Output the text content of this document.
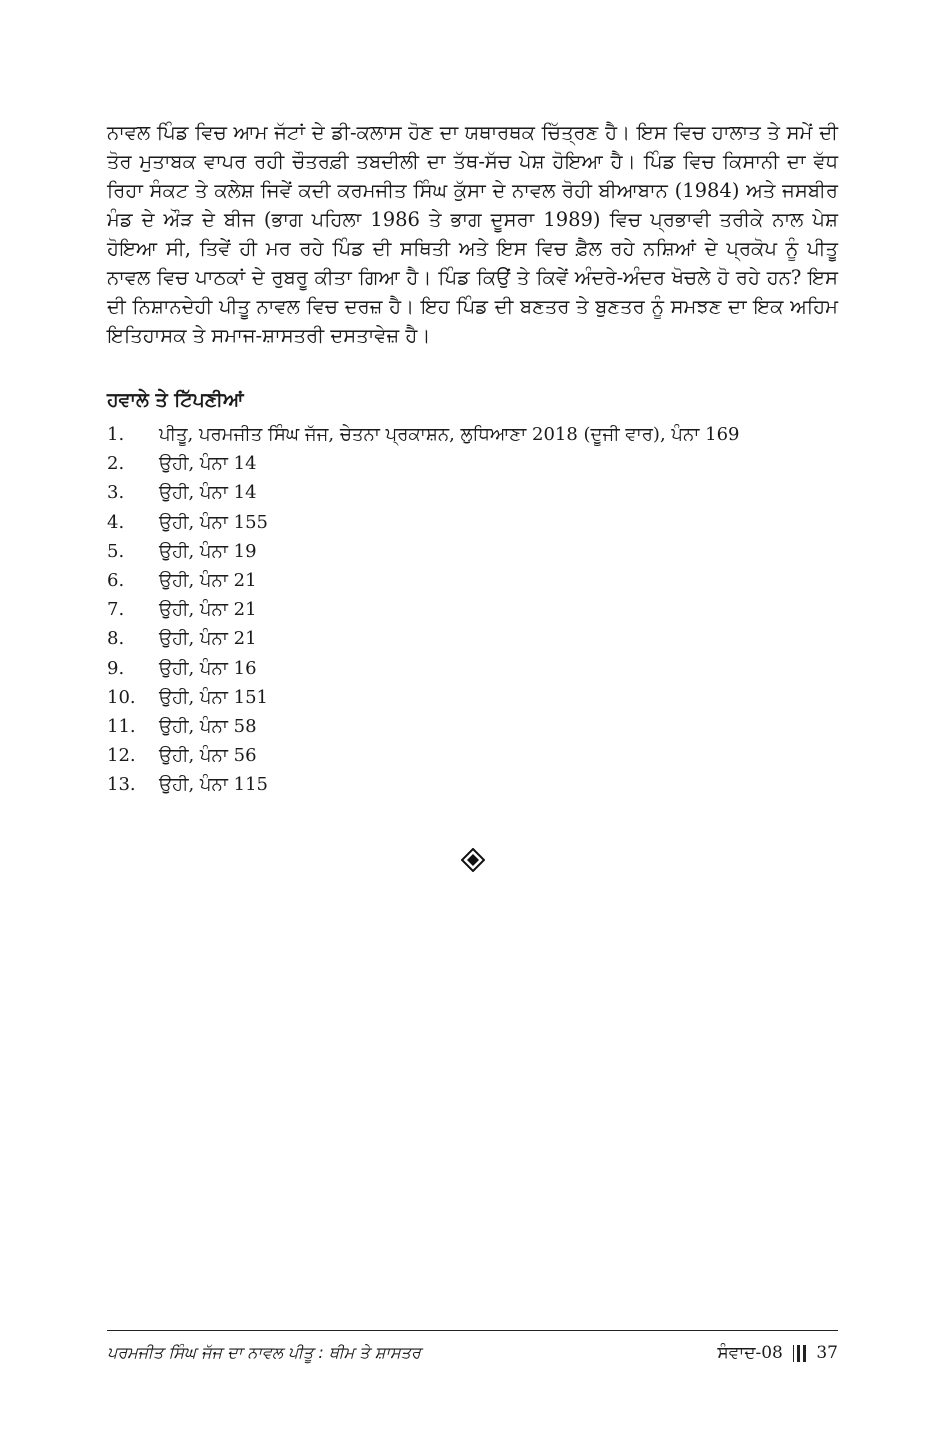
ਨਾਵਲ ਪਿੰਡ ਵਿਚ ਆਮ ਜੱਟਾਂ ਦੇ ਡੀ-ਕਲਾਸ ਹੋਣ ਦਾ ਯਥਾਰਥਕ ਚਿੱਤ੍ਰਣ ਹੈ। ਇਸ ਵਿਚ ਹਾਲਾਤ ਤੇ ਸਮੇਂ ਦੀ ਤੋਰ ਮੁਤਾਬਕ ਵਾਪਰ ਰਹੀ ਚੌਤਰਫ਼ੀ ਤਬਦੀਲੀ ਦਾ ਤੱਥ-ਸੱਚ ਪੇਸ਼ ਹੋਇਆ ਹੈ। ਪਿੰਡ ਵਿਚ ਕਿਸਾਨੀ ਦਾ ਵੱਧ ਰਿਹਾ ਸੰਕਟ ਤੇ ਕਲੇਸ਼ ਜਿਵੇਂ ਕਦੀ ਕਰਮਜੀਤ ਸਿੰਘ ਕੁੱਸਾ ਦੇ ਨਾਵਲ ਰੋਹੀ ਬੀਆਬਾਨ (1984) ਅਤੇ ਜਸਬੀਰ ਮੰਡ ਦੇ ਔੜ ਦੇ ਬੀਜ (ਭਾਗ ਪਹਿਲਾ 1986 ਤੇ ਭਾਗ ਦੂਸਰਾ 1989) ਵਿਚ ਪ੍ਰਭਾਵੀ ਤਰੀਕੇ ਨਾਲ ਪੇਸ਼ ਹੋਇਆ ਸੀ, ਤਿਵੇਂ ਹੀ ਮਰ ਰਹੇ ਪਿੰਡ ਦੀ ਸਥਿਤੀ ਅਤੇ ਇਸ ਵਿਚ ਫ਼ੈਲ ਰਹੇ ਨਸ਼ਿਆਂ ਦੇ ਪ੍ਰਕੋਪ ਨੂੰ ਪੀਤੂ ਨਾਵਲ ਵਿਚ ਪਾਠਕਾਂ ਦੇ ਰੁਬਰੂ ਕੀਤਾ ਗਿਆ ਹੈ। ਪਿੰਡ ਕਿਉਂ ਤੇ ਕਿਵੇਂ ਅੰਦਰੇ-ਅੰਦਰ ਖੋਚਲੇ ਹੋ ਰਹੇ ਹਨ? ਇਸ ਦੀ ਨਿਸ਼ਾਨਦੇਹੀ ਪੀਤੂ ਨਾਵਲ ਵਿਚ ਦਰਜ਼ ਹੈ। ਇਹ ਪਿੰਡ ਦੀ ਬਣਤਰ ਤੇ ਬੁਣਤਰ ਨੂੰ ਸਮਝਣ ਦਾ ਇਕ ਅਹਿਮ ਇਤਿਹਾਸਕ ਤੇ ਸਮਾਜ-ਸ਼ਾਸਤਰੀ ਦਸਤਾਵੇਜ਼ ਹੈ।

ਹਵਾਲੇ ਤੇ ਟਿੱਪਣੀਆਂ
1.	ਪੀਤੂ, ਪਰਮਜੀਤ ਸਿੰਘ ਜੱਜ, ਚੇਤਨਾ ਪ੍ਰਕਾਸ਼ਨ, ਲੁਧਿਆਣਾ 2018 (ਦੂਜੀ ਵਾਰ), ਪੰਨਾ 169
2.	ਉਹੀ, ਪੰਨਾ 14
3.	ਉਹੀ, ਪੰਨਾ 14
4.	ਉਹੀ, ਪੰਨਾ 155
5.	ਉਹੀ, ਪੰਨਾ 19
6.	ਉਹੀ, ਪੰਨਾ 21
7.	ਉਹੀ, ਪੰਨਾ 21
8.	ਉਹੀ, ਪੰਨਾ 21
9.	ਉਹੀ, ਪੰਨਾ 16
10.	ਉਹੀ, ਪੰਨਾ 151
11.	ਉਹੀ, ਪੰਨਾ 58
12.	ਉਹੀ, ਪੰਨਾ 56
13.	ਉਹੀ, ਪੰਨਾ 115
ਪਰਮਜੀਤ ਸਿੰਘ ਜੱਜ ਦਾ ਨਾਵਲ ਪੀਤੂ : ਥੀਮ ਤੇ ਸ਼ਾਸਤਰ	ਸੰਵਾਦ-08 37
